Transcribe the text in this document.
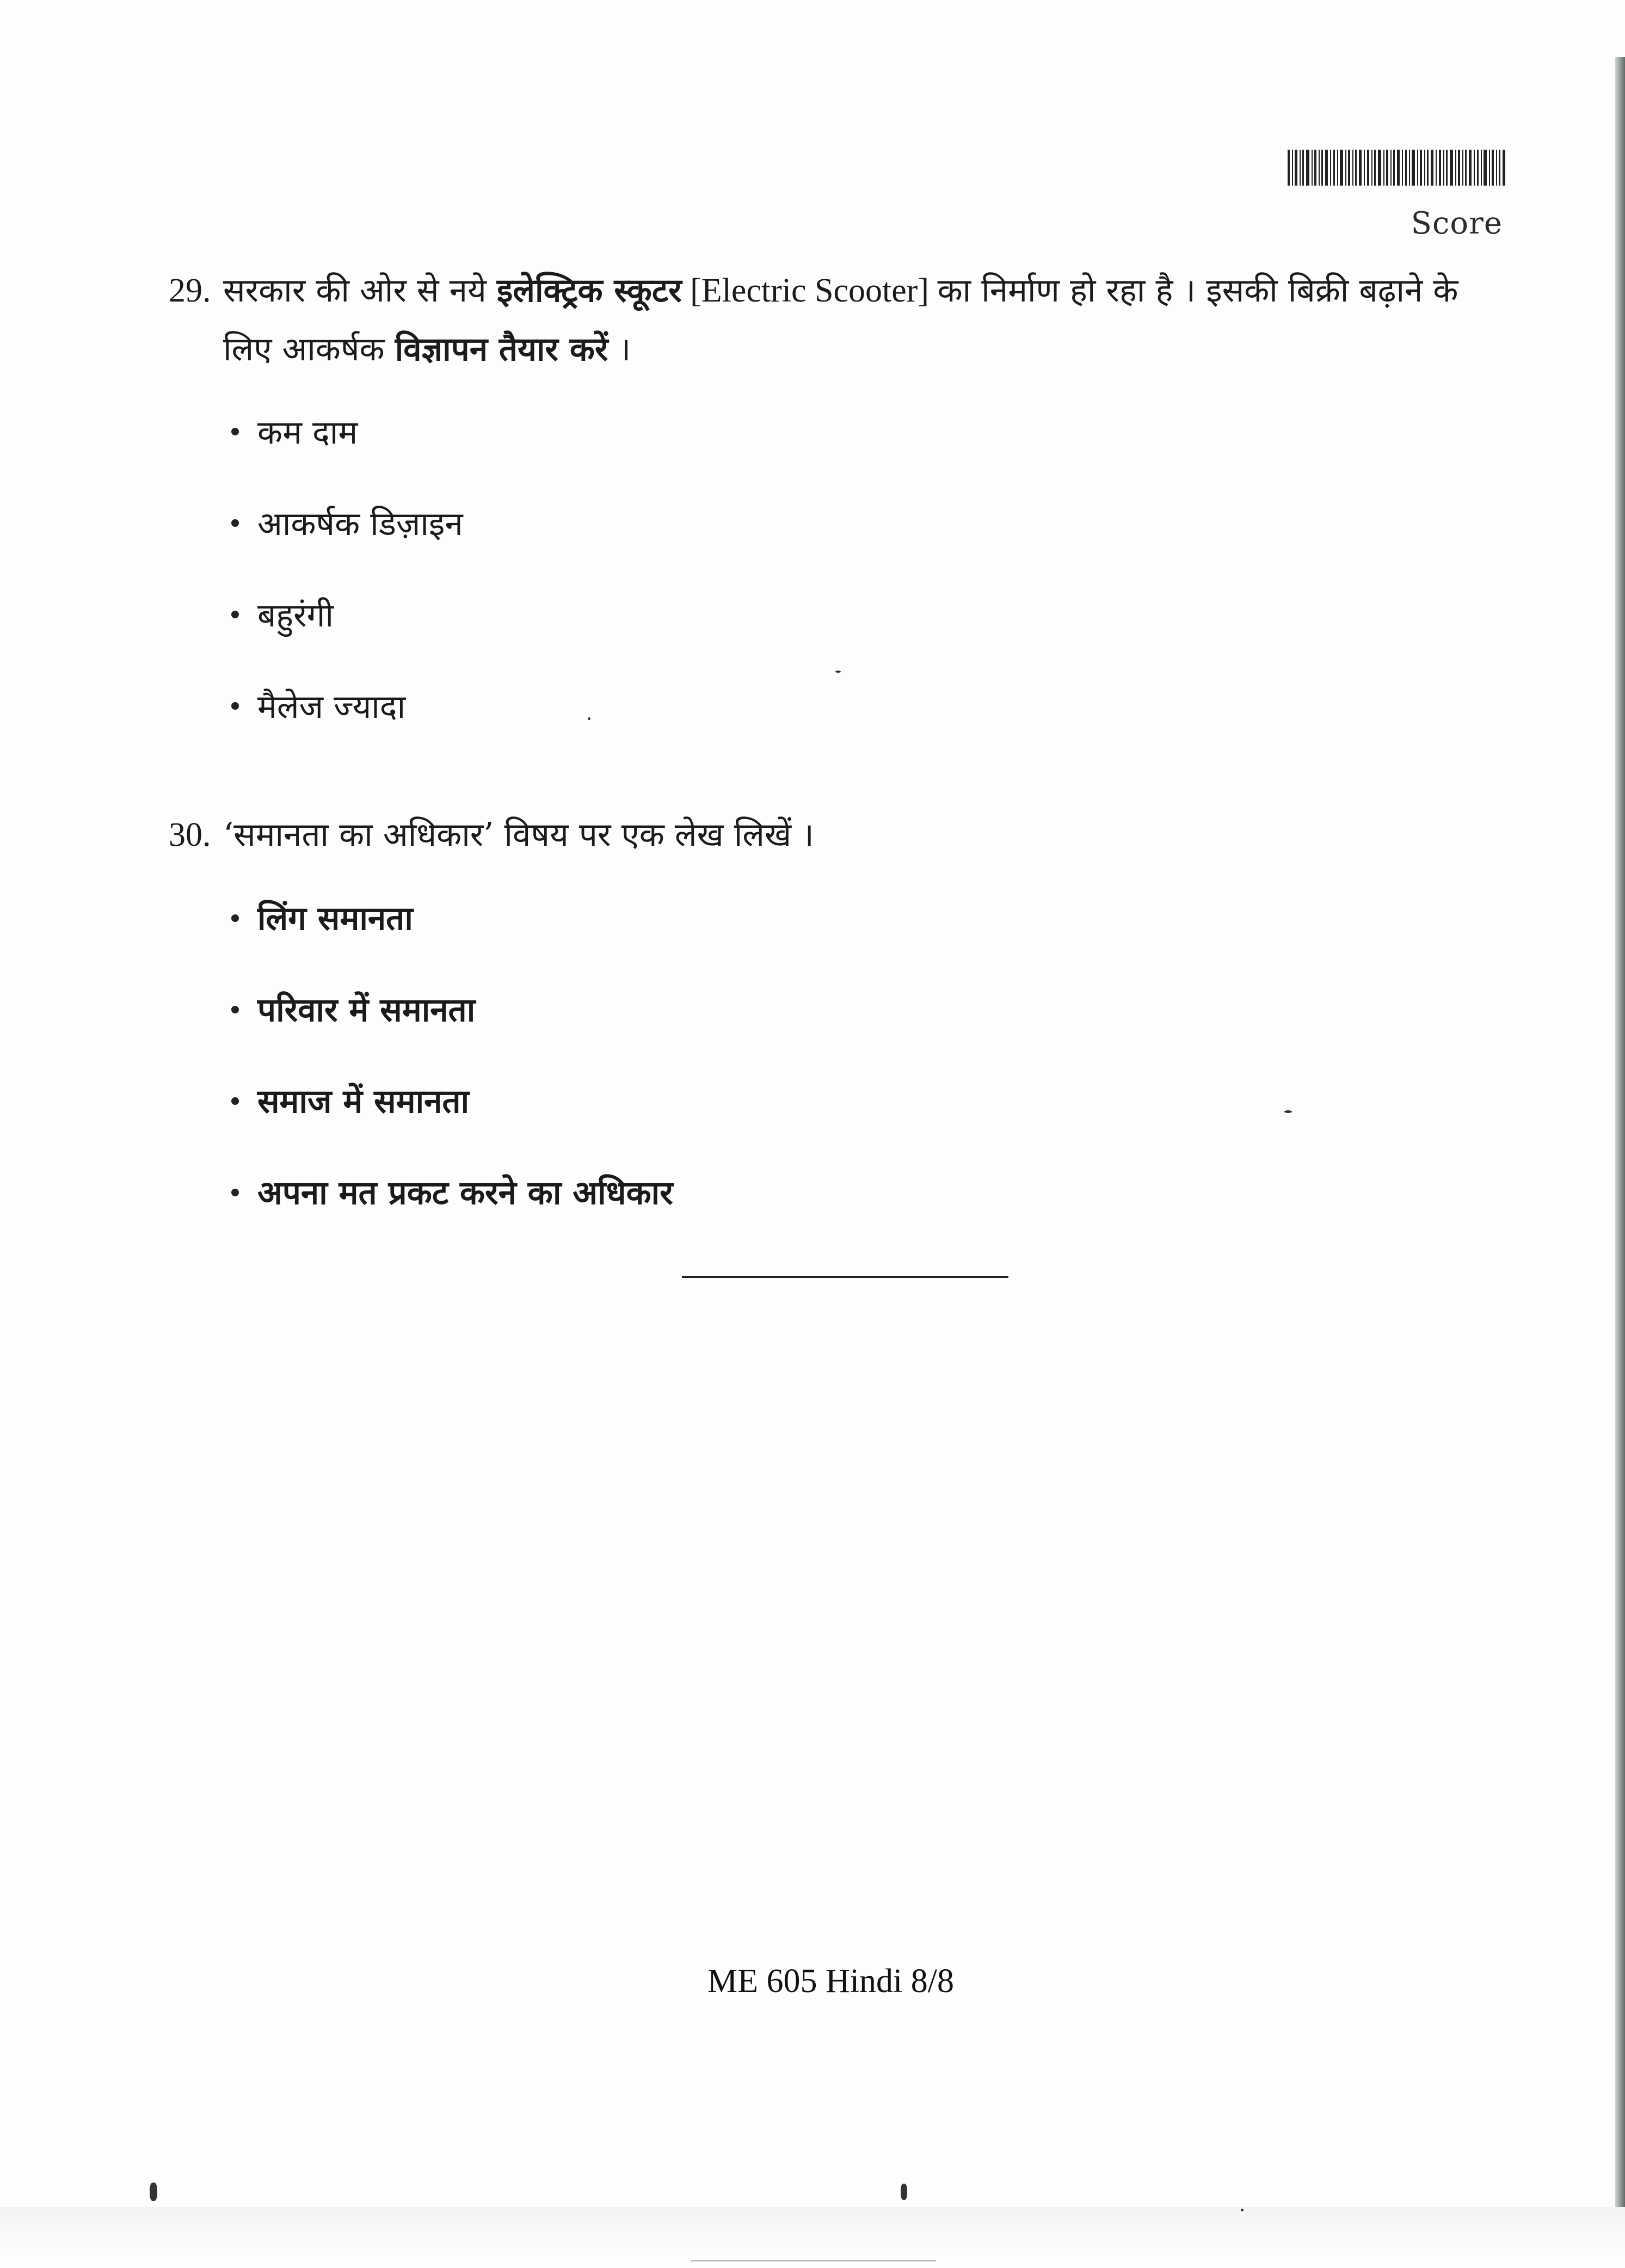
Score
29. सरकार की ओर से नये इलेक्ट्रिक स्कूटर [Electric Scooter] का निर्माण हो रहा है । इसकी बिक्री बढ़ाने के लिए आकर्षक विज्ञापन तैयार करें ।
कम दाम
आकर्षक डिज़ाइन
बहुरंगी
मैलेज ज्यादा
30. ‘समानता का अधिकार’ विषय पर एक लेख लिखें ।
लिंग समानता
परिवार में समानता
समाज में समानता
अपना मत प्रकट करने का अधिकार
ME 605 Hindi 8/8
